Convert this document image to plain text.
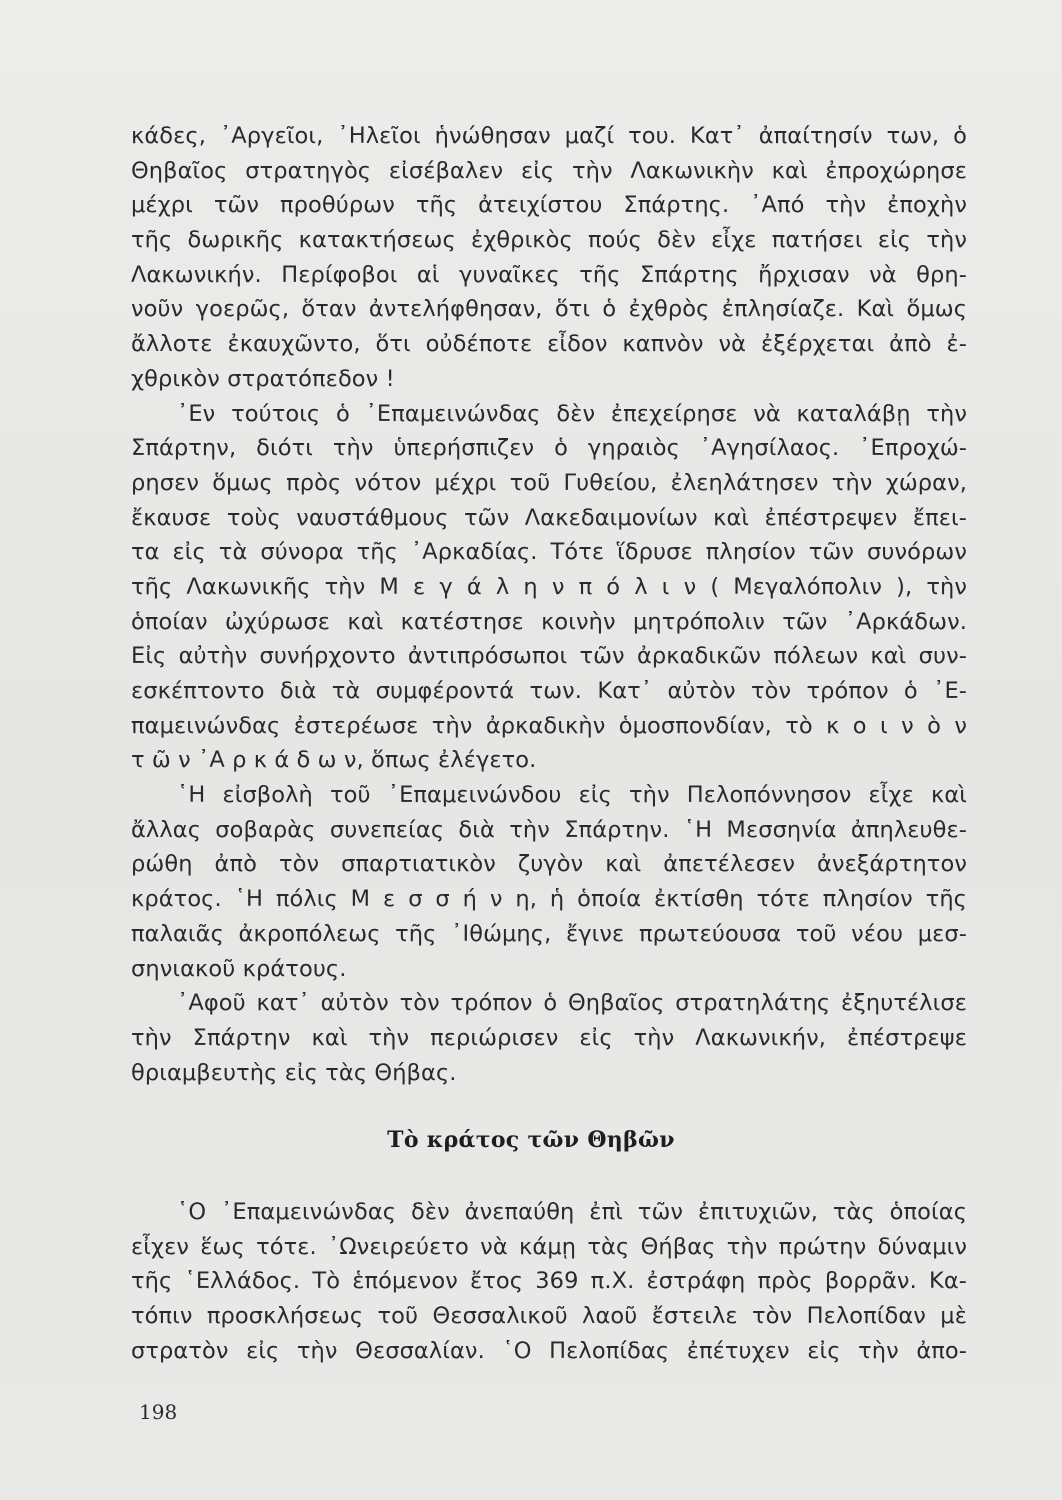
κάδες, ᾿Αργεῖοι, ᾿Ηλεῖοι ἡνώθησαν μαζί του. Κατ᾿ ἀπαίτησίν των, ὁ
Θηβαῖος στρατηγὸς εἰσέβαλεν εἰς τὴν Λακωνικὴν καὶ ἐπροχώρησε
μέχρι τῶν προθύρων τῆς ἀτειχίστου Σπάρτης. ᾿Από τὴν ἐποχὴν
τῆς δωρικῆς κατακτήσεως ἐχθρικὸς πούς δὲν εἶχε πατήσει εἰς τὴν
Λακωνικήν. Περίφοβοι αἱ γυναῖκες τῆς Σπάρτης ἤρχισαν νὰ θρη-
νοῦν γοερῶς, ὅταν ἀντελήφθησαν, ὅτι ὁ ἐχθρὸς ἐπλησίαζε. Καὶ ὅμως
ἄλλοτε ἐκαυχῶντο, ὅτι οὐδέποτε εἶδον καπνὸν νὰ ἐξέρχεται ἀπὸ ἐ-
χθρικὸν στρατόπεδον !
᾿Εν τούτοις ὁ ᾿Επαμεινώνδας δὲν ἐπεχείρησε νὰ καταλάβῃ τὴν
Σπάρτην, διότι τὴν ὑπερήσπιζεν ὁ γηραιὸς ᾿Αγησίλαος. ᾿Επροχώ-
ρησεν ὅμως πρὸς νότον μέχρι τοῦ Γυθείου, ἐλεηλάτησεν τὴν χώραν,
ἔκαυσε τοὺς ναυστάθμους τῶν Λακεδαιμονίων καὶ ἐπέστρεψεν ἔπει-
τα εἰς τὰ σύνορα τῆς ᾿Αρκαδίας. Τότε ἵδρυσε πλησίον τῶν συνόρων
τῆς Λακωνικῆς τὴν Μ ε γ ά λ η ν π ό λ ι ν ( Μεγαλόπολιν ), τὴν
ὁποίαν ὠχύρωσε καὶ κατέστησε κοινὴν μητρόπολιν τῶν ᾿Αρκάδων.
Εἰς αὐτὴν συνήρχοντο ἀντιπρόσωποι τῶν ἀρκαδικῶν πόλεων καὶ συν-
εσκέπτοντο διὰ τὰ συμφέροντά των. Κατ᾿ αὐτὸν τὸν τρόπον ὁ ᾿Ε-
παμεινώνδας ἐστερέωσε τὴν ἀρκαδικὴν ὁμοσπονδίαν, τὸ κ ο ι ν ὸ ν
τ ῶ ν ᾿Α ρ κ ά δ ω ν, ὅπως ἐλέγετο.
῾Η εἰσβολὴ τοῦ ᾿Επαμεινώνδου εἰς τὴν Πελοπόννησον εἶχε καὶ
ἄλλας σοβαρὰς συνεπείας διὰ τὴν Σπάρτην. ῾Η Μεσσηνία ἀπηλευθε-
ρώθη ἀπὸ τὸν σπαρτιατικὸν ζυγὸν καὶ ἀπετέλεσεν ἀνεξάρτητον
κράτος. ῾Η πόλις Μ ε σ σ ή ν η, ἡ ὁποία ἐκτίσθη τότε πλησίον τῆς
παλαιᾶς ἀκροπόλεως τῆς ᾿Ιθώμης, ἔγινε πρωτεύουσα τοῦ νέου μεσ-
σηνιακοῦ κράτους.
᾿Αφοῦ κατ᾿ αὐτὸν τὸν τρόπον ὁ Θηβαῖος στρατηλάτης ἐξηυτέλισε
τὴν Σπάρτην καὶ τὴν περιώρισεν εἰς τὴν Λακωνικήν, ἐπέστρεψε
θριαμβευτὴς εἰς τὰς Θήβας.
Τὸ κράτος τῶν Θηβῶν
῾Ο ᾿Επαμεινώνδας δὲν ἀνεπαύθη ἐπὶ τῶν ἐπιτυχιῶν, τὰς ὁποίας
εἶχεν ἕως τότε. ᾿Ωνειρεύετο νὰ κάμῃ τὰς Θήβας τὴν πρώτην δύναμιν
τῆς ῾Ελλάδος. Τὸ ἑπόμενον ἔτος 369 π.Χ. ἐστράφη πρὸς βορρᾶν. Κα-
τόπιν προσκλήσεως τοῦ Θεσσαλικοῦ λαοῦ ἔστειλε τὸν Πελοπίδαν μὲ
στρατὸν εἰς τὴν Θεσσαλίαν. ῾Ο Πελοπίδας ἐπέτυχεν εἰς τὴν ἀπο-
198
